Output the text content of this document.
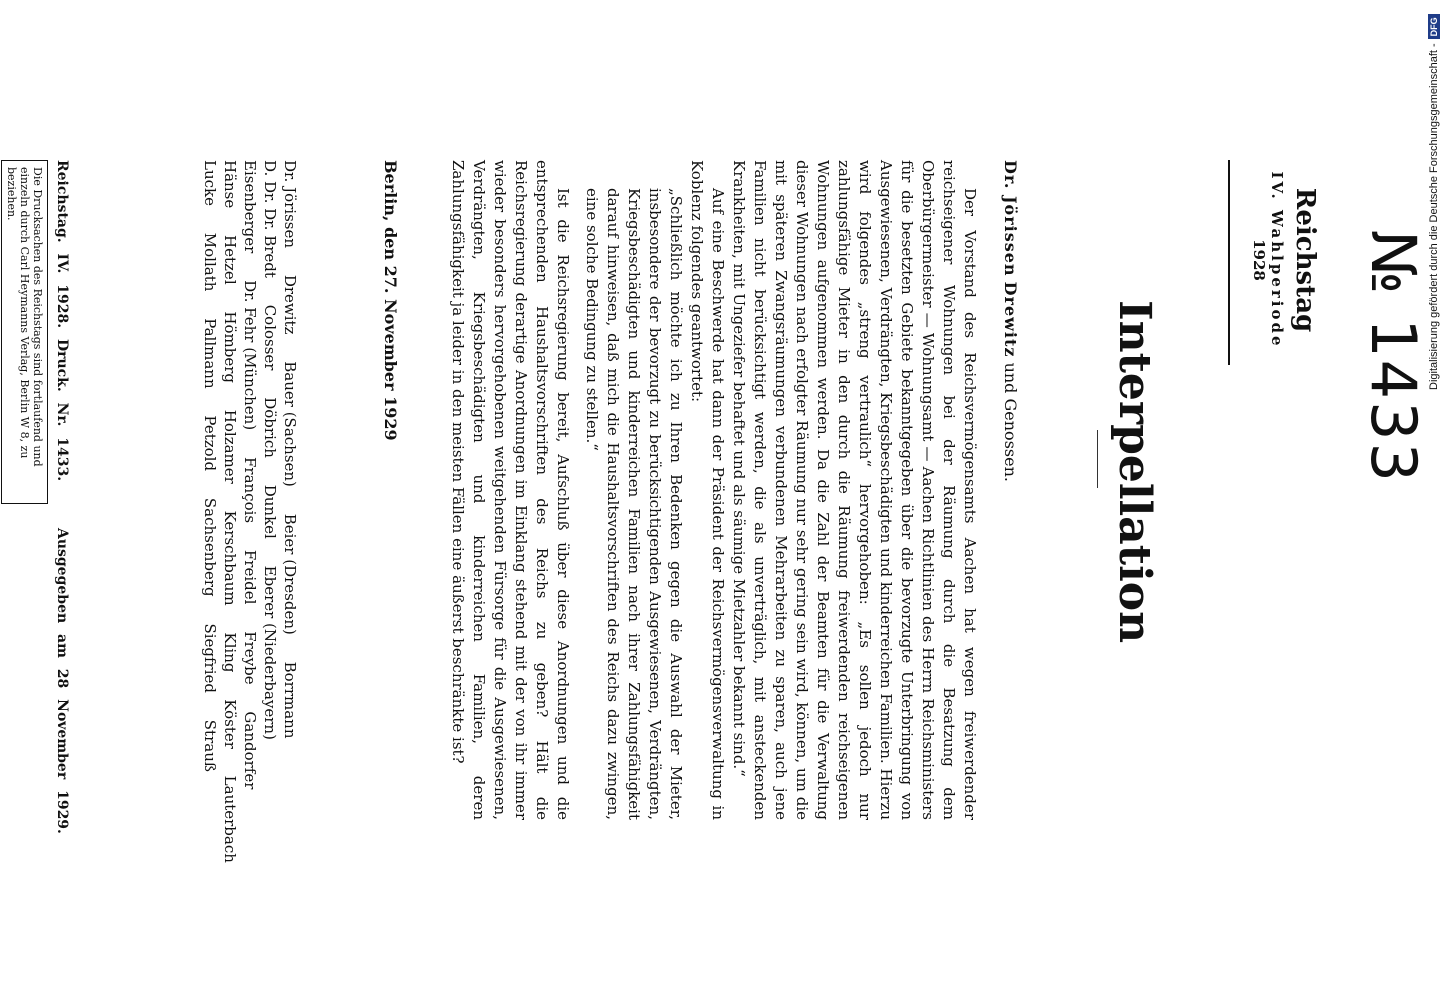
№ 1433
Reichstag
IV. Wahlperiode
1928
Interpellation
Dr. Jörissen Drewitz und Genossen.

Der Vorstand des Reichsvermögensamts Aachen hat wegen freiwerdender reichseigener Wohnungen bei der Räumung durch die Besatzung dem Oberbürgermeister — Wohnungsamt — Aachen Richtlinien des Herrn Reichsministers für die besetzten Gebiete bekanntgegeben über die bevorzugte Unterbringung von Ausgewiesenen, Verdrängten, Kriegsbeschädigten und kinderreichen Familien. Hierzu wird folgendes „streng vertraulich“ hervorgehoben: „Es sollen jedoch nur zahlungsfähige Mieter in den durch die Räumung freiwerdenden reichseigenen Wohnungen aufgenommen werden. Da die Zahl der Beamten für die Verwaltung dieser Wohnungen nach erfolgter Räumung nur sehr gering sein wird, können, um die mit späteren Zwangsräumungen verbundenen Mehrarbeiten zu sparen, auch jene Familien nicht berücksichtigt werden, die als unverträglich, mit ansteckenden Krankheiten, mit Ungeziefer behaftet und als säumige Mietzahler bekannt sind.“

Auf eine Beschwerde hat dann der Präsident der Reichsvermögensverwaltung in Koblenz folgendes geantwortet:

„Schließlich möchte ich zu Ihren Bedenken gegen die Auswahl der Mieter, insbesondere der bevorzugt zu berücksichtigenden Ausgewiesenen, Verdrängten, Kriegsbeschädigten und kinderreichen Familien nach ihrer Zahlungsfähigkeit darauf hinweisen, daß mich die Haushaltsvorschriften des Reichs dazu zwingen, eine solche Bedingung zu stellen.“

Ist die Reichsregierung bereit, Aufschluß über diese Anordnungen und die entsprechenden Haushaltsvorschriften des Reichs zu geben? Hält die Reichsregierung derartige Anordnungen im Einklang stehend mit der von ihr immer wieder besonders hervorgehobenen weitgehenden Fürsorge für die Ausgewiesenen, Verdrängten, Kriegsbeschädigten und kinderreichen Familien, deren Zahlungsfähigkeit ja leider in den meisten Fällen eine äußerst beschränkte ist?

Berlin, den 27. November 1929
Dr. Jörissen Drewitz Bauer (Sachsen) Beier (Dresden) Borrmann
D. Dr. Dr. Bredt Colosser Döbrich Dunkel Eberer (Niederbayern)
Eisenberger Dr. Fehr (München) François Freidel Freybe Gandorfer
Hänse Hetzel Hömberg Holzamer Kerschbaum Kling Köster Lauterbach
Lucke Mollath Pallmann Petzold Sachsenberg Siegfried Strauß
Reichstag. IV. 1928. Druck. Nr. 1433. Ausgegeben am 28 November 1929.
Die Drucksachen des Reichstags sind fortlaufend und einzeln durch Carl Heymanns Verlag, Berlin W 8, zu beziehen.	Digitalisierung gefördert durch die Deutsche Forschungsgemeinschaft -
DFG
